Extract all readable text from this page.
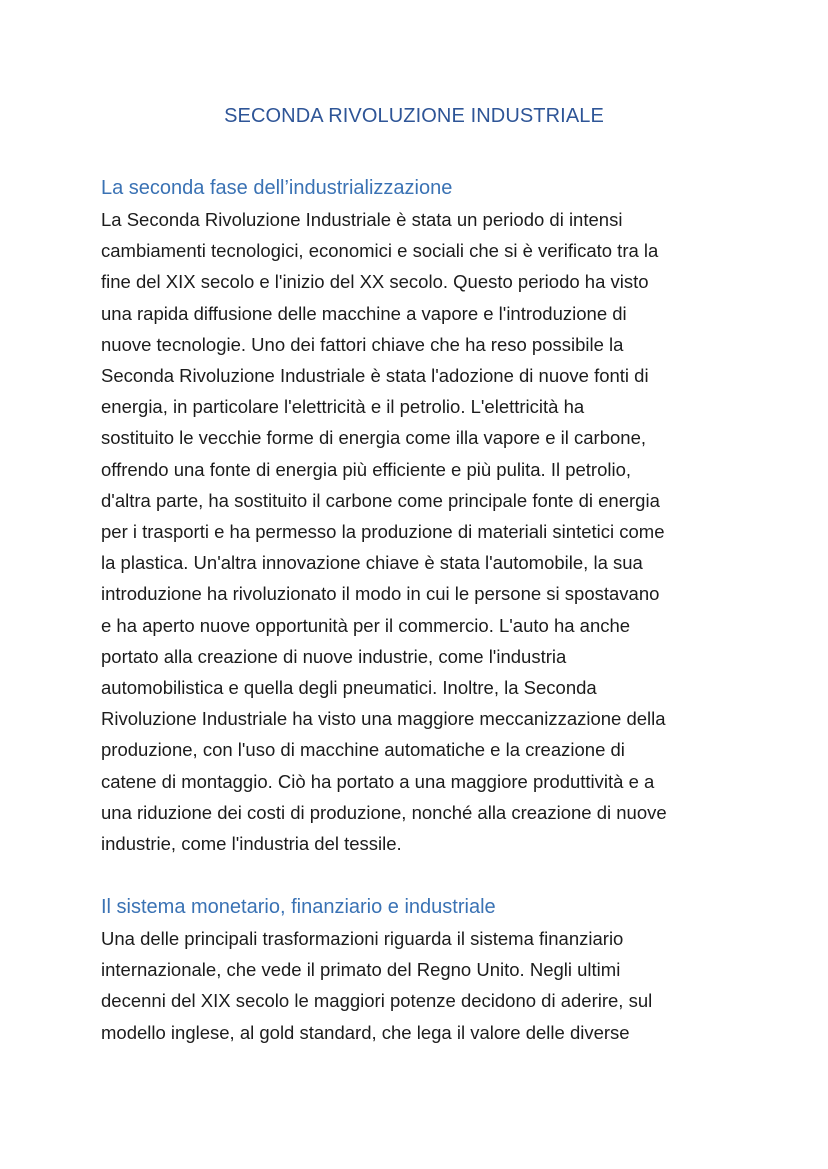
SECONDA RIVOLUZIONE INDUSTRIALE
La seconda fase dell’industrializzazione
La Seconda Rivoluzione Industriale è stata un periodo di intensi
cambiamenti tecnologici, economici e sociali che si è verificato tra la
fine del XIX secolo e l'inizio del XX secolo. Questo periodo ha visto
una rapida diffusione delle macchine a vapore e l'introduzione di
nuove tecnologie. Uno dei fattori chiave che ha reso possibile la
Seconda Rivoluzione Industriale è stata l'adozione di nuove fonti di
energia, in particolare l'elettricità e il petrolio. L'elettricità ha
sostituito le vecchie forme di energia come illa vapore e il carbone,
offrendo una fonte di energia più efficiente e più pulita. Il petrolio,
d'altra parte, ha sostituito il carbone come principale fonte di energia
per i trasporti e ha permesso la produzione di materiali sintetici come
la plastica. Un'altra innovazione chiave è stata l'automobile, la sua
introduzione ha rivoluzionato il modo in cui le persone si spostavano
e ha aperto nuove opportunità per il commercio. L'auto ha anche
portato alla creazione di nuove industrie, come l'industria
automobilistica e quella degli pneumatici. Inoltre, la Seconda
Rivoluzione Industriale ha visto una maggiore meccanizzazione della
produzione, con l'uso di macchine automatiche e la creazione di
catene di montaggio. Ciò ha portato a una maggiore produttività e a
una riduzione dei costi di produzione, nonché alla creazione di nuove
industrie, come l'industria del tessile.
Il sistema monetario, finanziario e industriale
Una delle principali trasformazioni riguarda il sistema finanziario
internazionale, che vede il primato del Regno Unito. Negli ultimi
decenni del XIX secolo le maggiori potenze decidono di aderire, sul
modello inglese, al gold standard, che lega il valore delle diverse
